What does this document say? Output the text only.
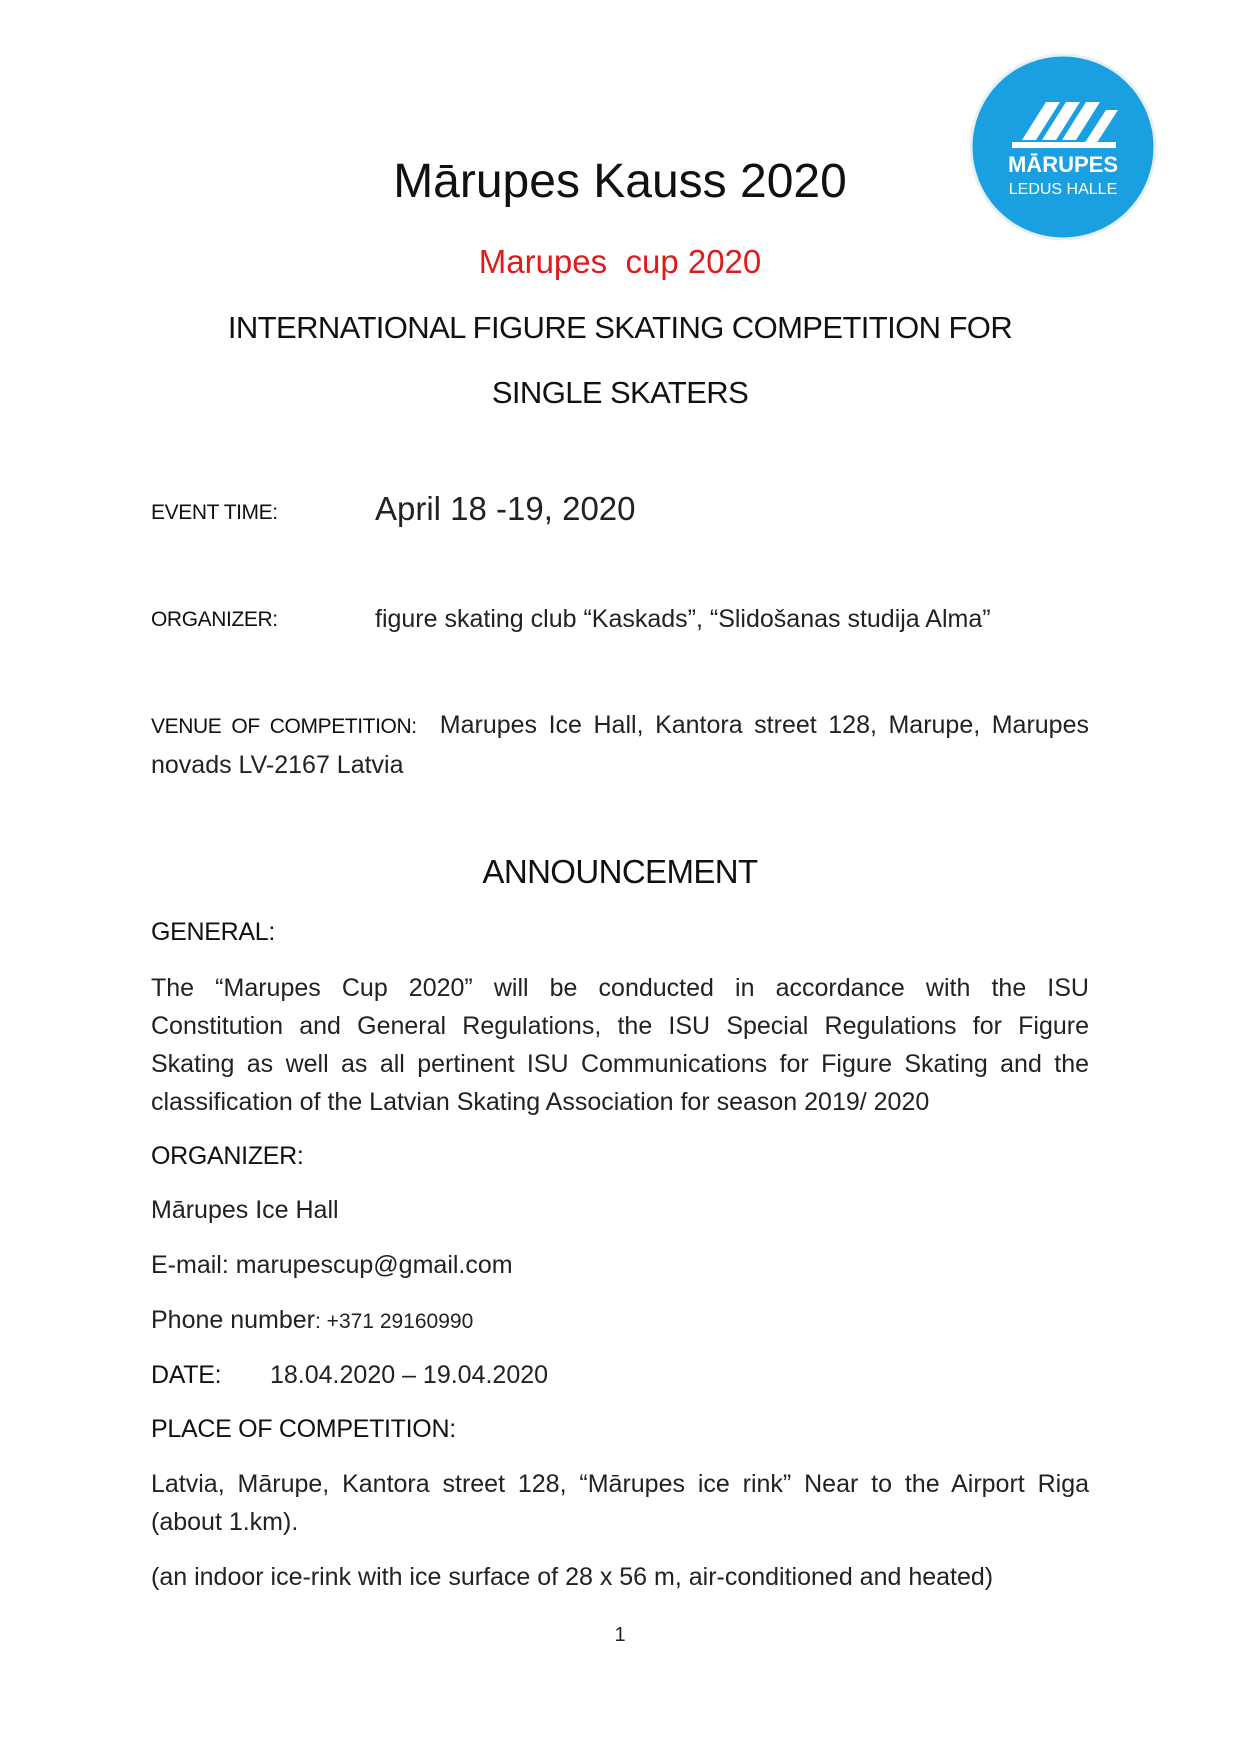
MĀRUPES
LEDUS HALLE
Mārupes Kauss 2020
Marupes  cup 2020
INTERNATIONAL FIGURE SKATING COMPETITION FOR
SINGLE SKATERS
EVENT TIME:	April 18 -19, 2020
ORGANIZER:	figure skating club “Kaskads”, “Slidošanas studija Alma”
VENUE OF COMPETITION: Marupes Ice Hall, Kantora street 128, Marupe, Marupes novads LV-2167 Latvia
ANNOUNCEMENT
GENERAL:
The “Marupes Cup 2020” will be conducted in accordance with the ISU
Constitution and General Regulations, the ISU Special Regulations for Figure
Skating as well as all pertinent ISU Communications for Figure Skating and the
classification of the Latvian Skating Association for season 2019/ 2020
ORGANIZER:
Mārupes Ice Hall
E-mail: marupescup@gmail.com
Phone number: +371 29160990
DATE: 18.04.2020 – 19.04.2020
PLACE OF COMPETITION:
Latvia, Mārupe, Kantora street 128, “Mārupes ice rink” Near to the Airport Riga
(about 1.km).
(an indoor ice-rink with ice surface of 28 x 56 m, air-conditioned and heated)
1
